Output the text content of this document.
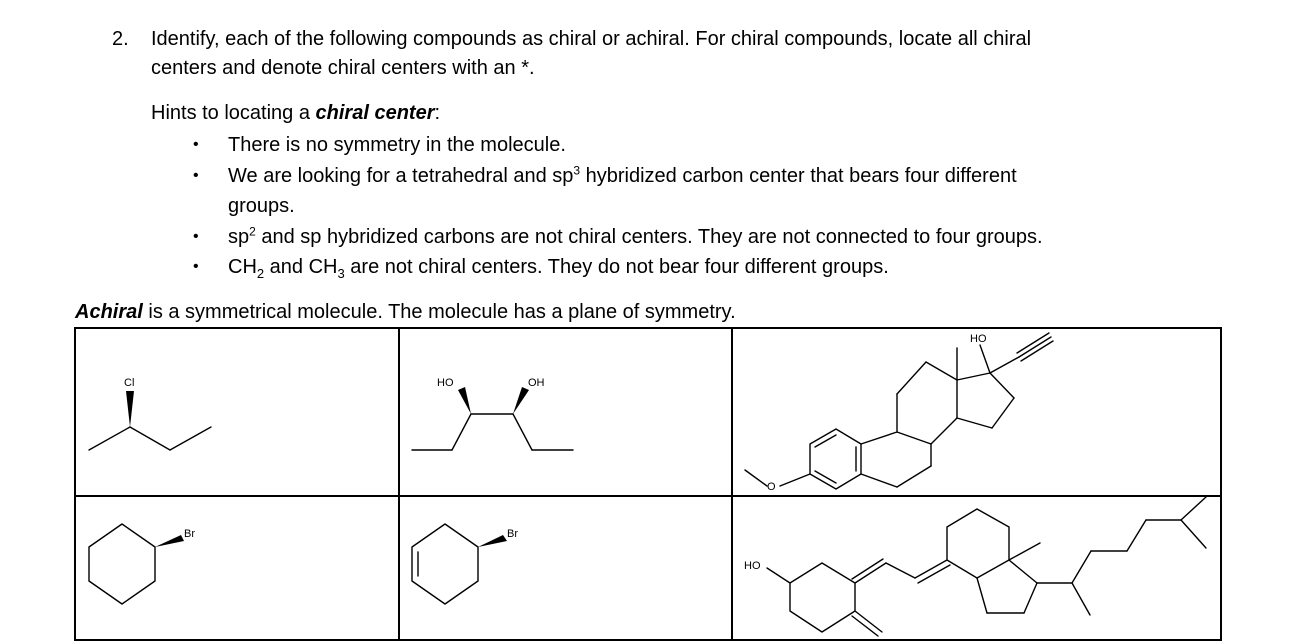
2. Identify, each of the following compounds as chiral or achiral. For chiral compounds, locate all chiral
centers and denote chiral centers with an *.
Hints to locating a chiral center:
• There is no symmetry in the molecule.
• We are looking for a tetrahedral and $sp^3$ hybridized carbon center that bears four different
groups.
• $sp^2$ and sp hybridized carbons are not chiral centers. They are not connected to four groups.
• $CH_2$ and $CH_3$ are not chiral centers. They do not bear four different groups.
Achiral is a symmetrical molecule. The molecule has a plane of symmetry.
Cl	HO	OH
HO
O
Br	Br
HO
